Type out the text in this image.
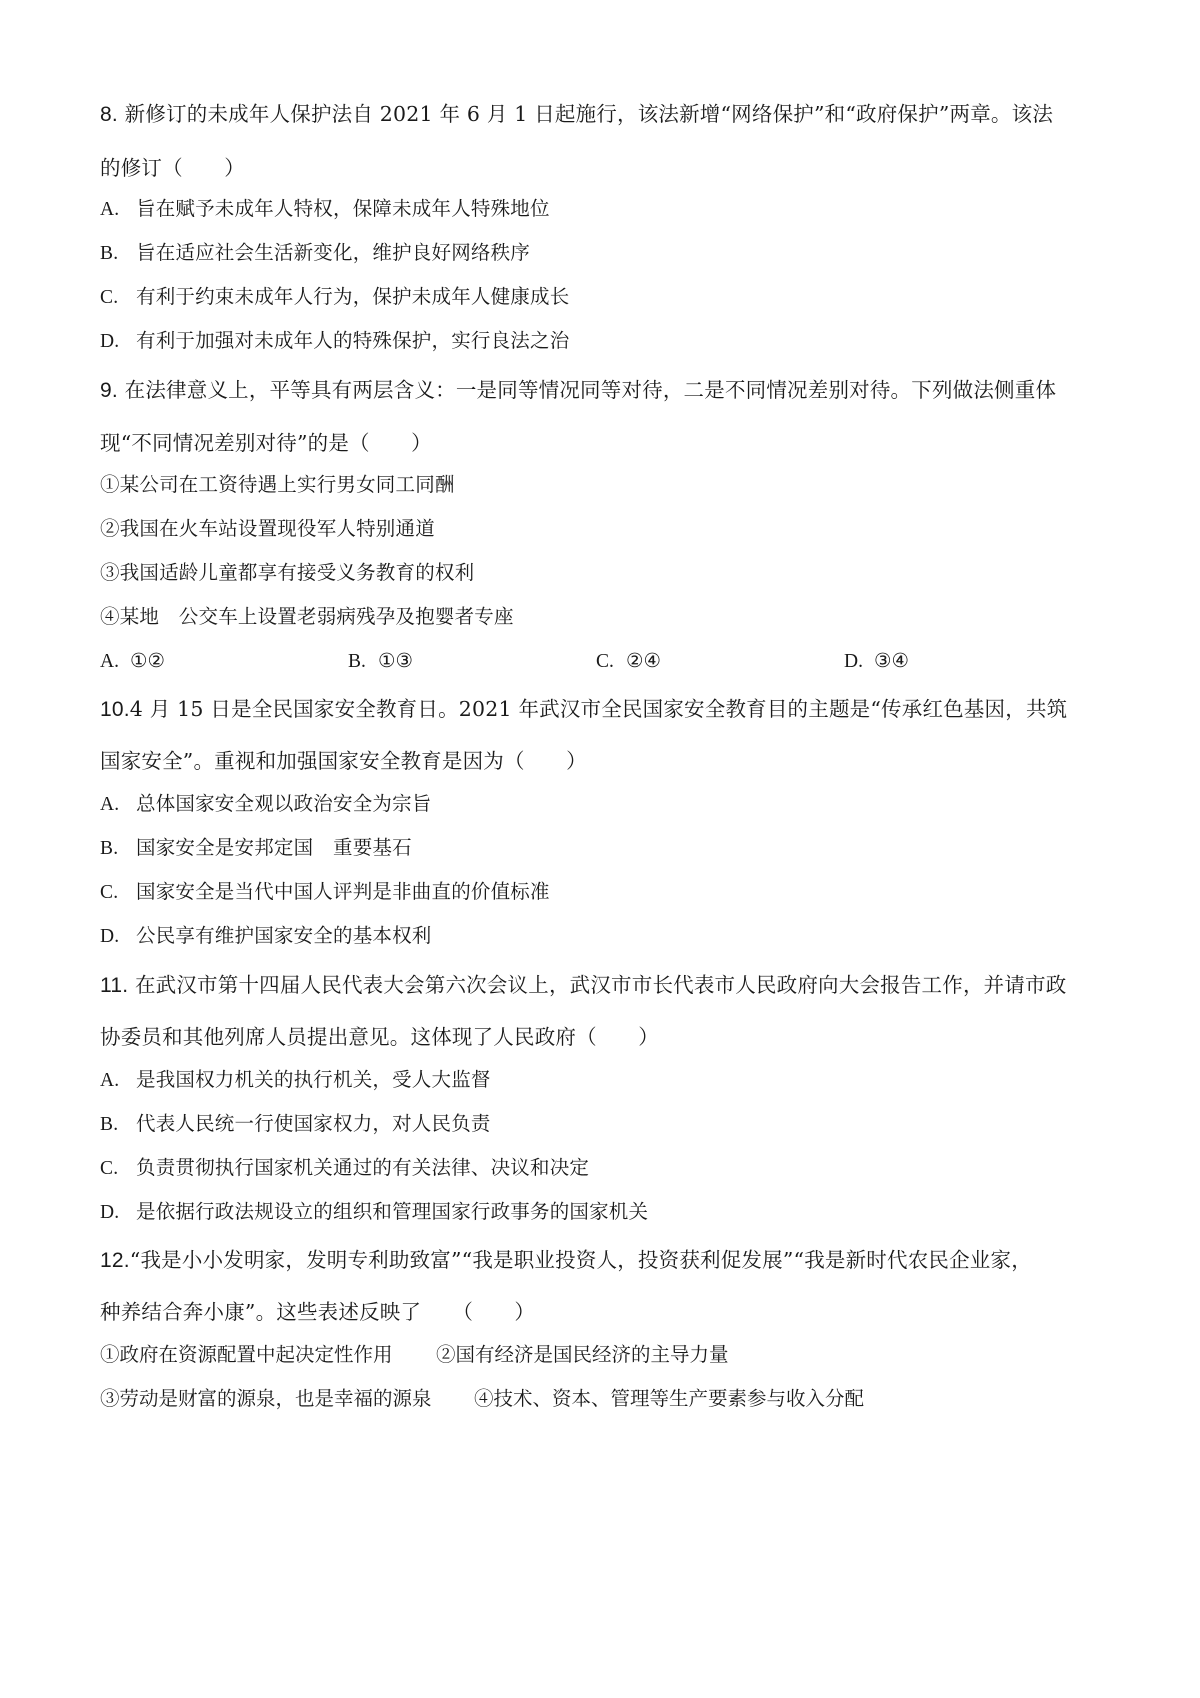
8. 新修订的未成年人保护法自 2021 年 6 月 1 日起施行，该法新增“网络保护”和“政府保护”两章。该法
的修订（　　）
A. 旨在赋予未成年人特权，保障未成年人特殊地位
B. 旨在适应社会生活新变化，维护良好网络秩序
C. 有利于约束未成年人行为，保护未成年人健康成长
D. 有利于加强对未成年人的特殊保护，实行良法之治
9. 在法律意义上，平等具有两层含义：一是同等情况同等对待，二是不同情况差别对待。下列做法侧重体
现“不同情况差别对待”的是（　　）
①某公司在工资待遇上实行男女同工同酬
②我国在火车站设置现役军人特别通道
③我国适龄儿童都享有接受义务教育的权利
④某地　公交车上设置老弱病残孕及抱婴者专座
A. ①②	B. ①③	C. ②④	D. ③④
10.4 月 15 日是全民国家安全教育日。2021 年武汉市全民国家安全教育目的主题是“传承红色基因，共筑
国家安全”。重视和加强国家安全教育是因为（　　）
A. 总体国家安全观以政治安全为宗旨
B. 国家安全是安邦定国　重要基石
C. 国家安全是当代中国人评判是非曲直的价值标准
D. 公民享有维护国家安全的基本权利
11. 在武汉市第十四届人民代表大会第六次会议上，武汉市市长代表市人民政府向大会报告工作，并请市政
协委员和其他列席人员提出意见。这体现了人民政府（　　）
A. 是我国权力机关的执行机关，受人大监督
B. 代表人民统一行使国家权力，对人民负责
C. 负责贯彻执行国家机关通过的有关法律、决议和决定
D. 是依据行政法规设立的组织和管理国家行政事务的国家机关
12.“我是小小发明家，发明专利助致富”“我是职业投资人，投资获利促发展”“我是新时代农民企业家，
种养结合奔小康”。这些表述反映了　　（　　）
①政府在资源配置中起决定性作用 ②国有经济是国民经济的主导力量
③劳动是财富的源泉，也是幸福的源泉 ④技术、资本、管理等生产要素参与收入分配
